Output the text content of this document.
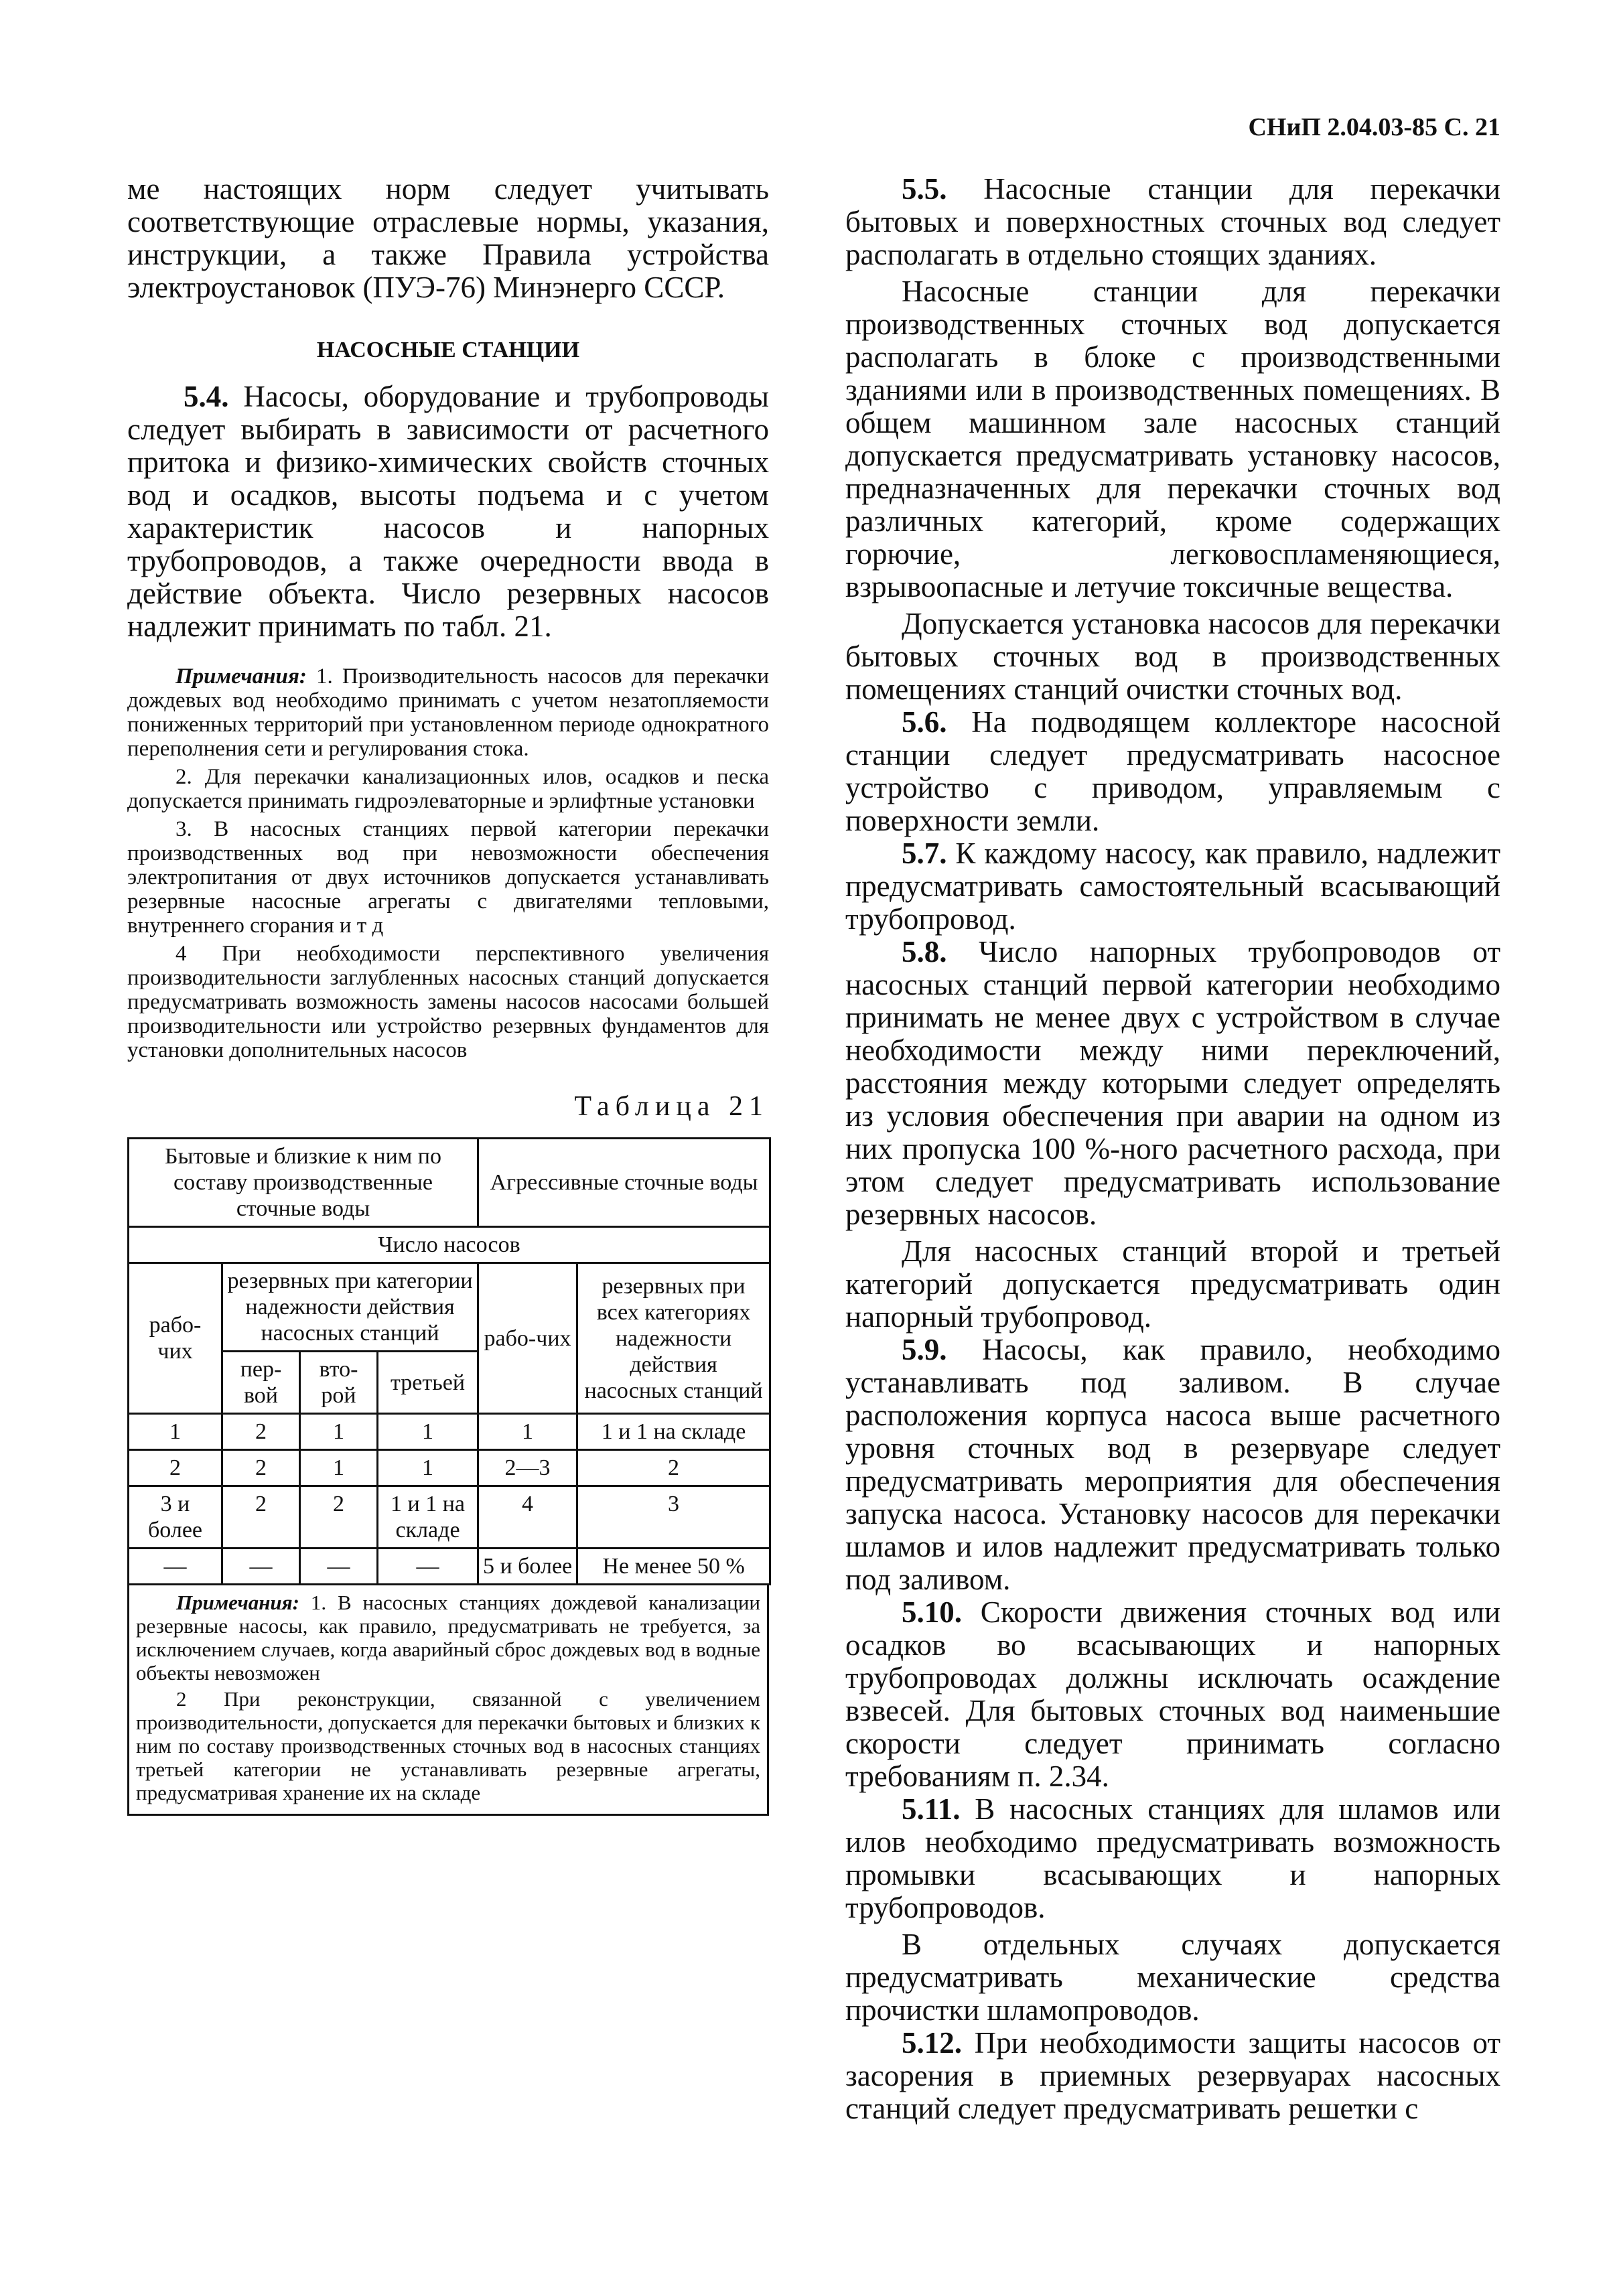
СНиП 2.04.03-85 С. 21

ме настоящих норм следует учитывать соответствующие отраслевые нормы, указания, инструкции, а также Правила устройства электроустановок (ПУЭ-76) Минэнерго СССР.

НАСОСНЫЕ СТАНЦИИ

5.4. Насосы, оборудование и трубопроводы следует выбирать в зависимости от расчетного притока и физико-химических свойств сточных вод и осадков, высоты подъема и с учетом характеристик насосов и напорных трубопроводов, а также очередности ввода в действие объекта. Число резервных насосов надлежит принимать по табл. 21.

Примечания: 1. Производительность насосов для перекачки дождевых вод необходимо принимать с учетом незатопляемости пониженных территорий при установленном периоде однократного переполнения сети и регулирования стока.

2. Для перекачки канализационных илов, осадков и песка допускается принимать гидроэлеваторные и эрлифтные установки

3. В насосных станциях первой категории перекачки производственных вод при невозможности обеспечения электропитания от двух источников допускается устанавливать резервные насосные агрегаты с двигателями тепловыми, внутреннего сгорания и т д

4 При необходимости перспективного увеличения производительности заглубленных насосных станций допускается предусматривать возможность замены насосов насосами большей производительности или устройство резервных фундаментов для установки дополнительных насосов

Таблица 21
Бытовые и близкие к ним по составу производственные сточные воды				Агрессивные сточные воды	
Число насосов					
рабо-чих	резервных при категории надежности действия насосных станций			рабо-чих	резервных при всех категориях надежности действия насосных станций
	пер-вой	вто-рой	третьей		
1	2	1	1	1	1 и 1 на складе
2	2	1	1	2—3	2
3 и более	2	2	1 и 1 на складе	4	3
—	—	—	—	5 и более	Не менее 50 %

Примечания: 1. В насосных станциях дождевой канализации резервные насосы, как правило, предусматривать не требуется, за исключением случаев, когда аварийный сброс дождевых вод в водные объекты невозможен

2 При реконструкции, связанной с увеличением производительности, допускается для перекачки бытовых и близких к ним по составу производственных сточных вод в насосных станциях третьей категории не устанавливать резервные агрегаты, предусматривая хранение их на складе

5.5. Насосные станции для перекачки бытовых и поверхностных сточных вод следует располагать в отдельно стоящих зданиях.

Насосные станции для перекачки производственных сточных вод допускается располагать в блоке с производственными зданиями или в производственных помещениях. В общем машинном зале насосных станций допускается предусматривать установку насосов, предназначенных для перекачки сточных вод различных категорий, кроме содержащих горючие, легковоспламеняющиеся, взрывоопасные и летучие токсичные вещества.

Допускается установка насосов для перекачки бытовых сточных вод в производственных помещениях станций очистки сточных вод.

5.6. На подводящем коллекторе насосной станции следует предусматривать насосное устройство с приводом, управляемым с поверхности земли.

5.7. К каждому насосу, как правило, надлежит предусматривать самостоятельный всасывающий трубопровод.

5.8. Число напорных трубопроводов от насосных станций первой категории необходимо принимать не менее двух с устройством в случае необходимости между ними переключений, расстояния между которыми следует определять из условия обеспечения при аварии на одном из них пропуска 100 %-ного расчетного расхода, при этом следует предусматривать использование резервных насосов.

Для насосных станций второй и третьей категорий допускается предусматривать один напорный трубопровод.

5.9. Насосы, как правило, необходимо устанавливать под заливом. В случае расположения корпуса насоса выше расчетного уровня сточных вод в резервуаре следует предусматривать мероприятия для обеспечения запуска насоса. Установку насосов для перекачки шламов и илов надлежит предусматривать только под заливом.

5.10. Скорости движения сточных вод или осадков во всасывающих и напорных трубопроводах должны исключать осаждение взвесей. Для бытовых сточных вод наименьшие скорости следует принимать согласно требованиям п. 2.34.

5.11. В насосных станциях для шламов или илов необходимо предусматривать возможность промывки всасывающих и напорных трубопроводов.

В отдельных случаях допускается предусматривать механические средства прочистки шламопроводов.

5.12. При необходимости защиты насосов от засорения в приемных резервуарах насосных станций следует предусматривать решетки с
